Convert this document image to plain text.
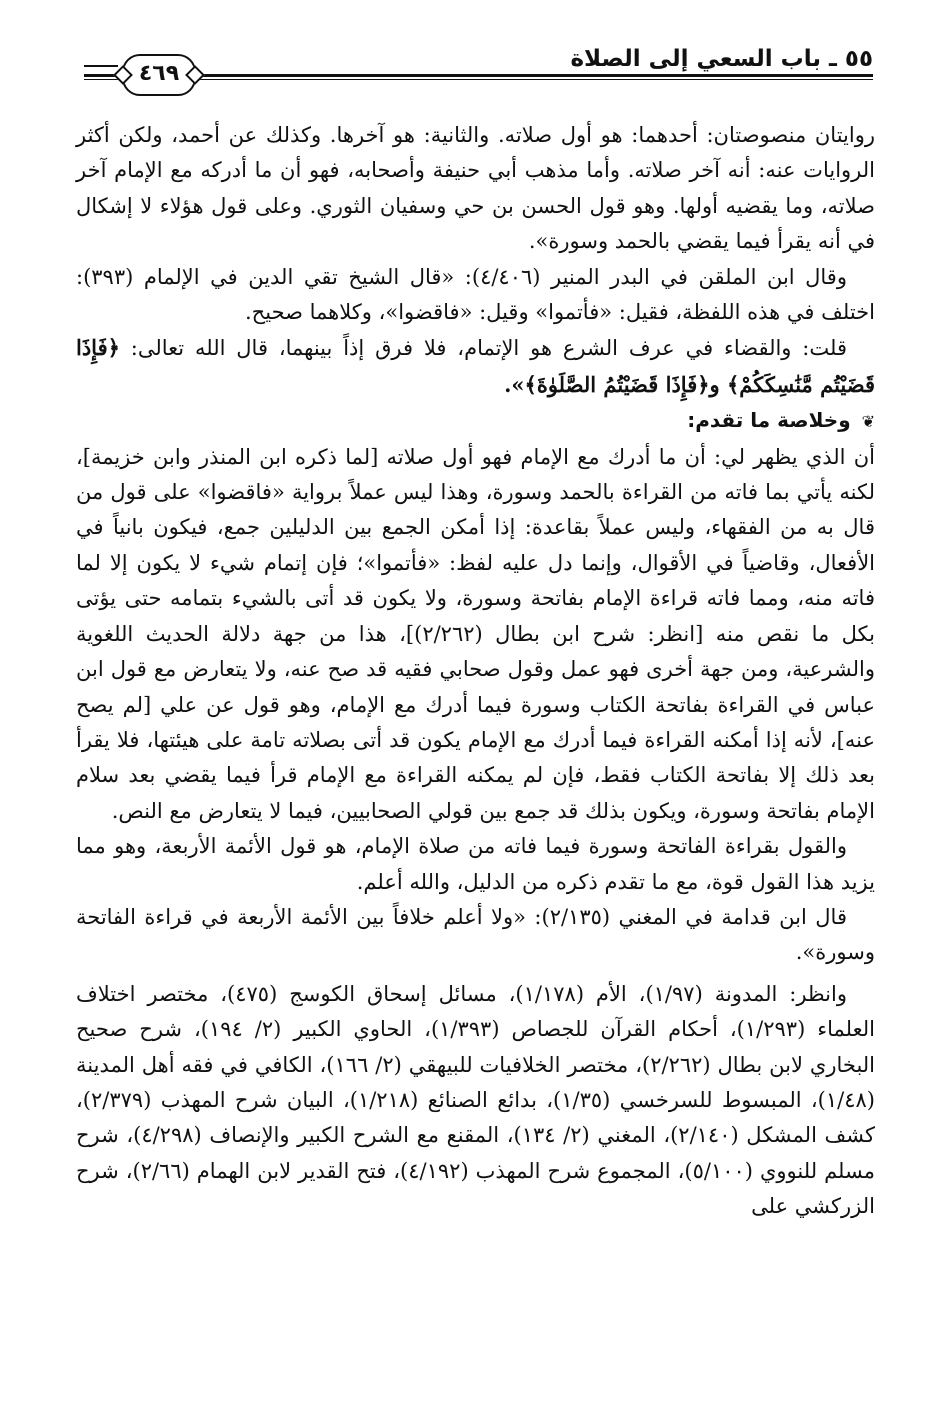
٥٥ ـ باب السعي إلى الصلاة
٤٦٩

روايتان منصوصتان: أحدهما: هو أول صلاته. والثانية: هو آخرها. وكذلك عن أحمد، ولكن أكثر الروايات عنه: أنه آخر صلاته. وأما مذهب أبي حنيفة وأصحابه، فهو أن ما أدركه مع الإمام آخر صلاته، وما يقضيه أولها. وهو قول الحسن بن حي وسفيان الثوري. وعلى قول هؤلاء لا إشكال في أنه يقرأ فيما يقضي بالحمد وسورة».

وقال ابن الملقن في البدر المنير (٤/٤٠٦): «قال الشيخ تقي الدين في الإلمام (٣٩٣): اختلف في هذه اللفظة، فقيل: «فأتموا» وقيل: «فاقضوا»، وكلاهما صحيح.

قلت: والقضاء في عرف الشرع هو الإتمام، فلا فرق إذاً بينهما، قال الله تعالى: ﴿فَإِذَا قَضَيْتُم مَّنَٰسِكَكُمْ﴾ و﴿فَإِذَا قَضَيْتُمُ الصَّلَوٰةَ﴾».

❦ وخلاصة ما تقدم:

أن الذي يظهر لي: أن ما أدرك مع الإمام فهو أول صلاته [لما ذكره ابن المنذر وابن خزيمة]، لكنه يأتي بما فاته من القراءة بالحمد وسورة، وهذا ليس عملاً برواية «فاقضوا» على قول من قال به من الفقهاء، وليس عملاً بقاعدة: إذا أمكن الجمع بين الدليلين جمع، فيكون بانياً في الأفعال، وقاضياً في الأقوال، وإنما دل عليه لفظ: «فأتموا»؛ فإن إتمام شيء لا يكون إلا لما فاته منه، ومما فاته قراءة الإمام بفاتحة وسورة، ولا يكون قد أتى بالشيء بتمامه حتى يؤتى بكل ما نقص منه [انظر: شرح ابن بطال (٢/٢٦٢)]، هذا من جهة دلالة الحديث اللغوية والشرعية، ومن جهة أخرى فهو عمل وقول صحابي فقيه قد صح عنه، ولا يتعارض مع قول ابن عباس في القراءة بفاتحة الكتاب وسورة فيما أدرك مع الإمام، وهو قول عن علي [لم يصح عنه]، لأنه إذا أمكنه القراءة فيما أدرك مع الإمام يكون قد أتى بصلاته تامة على هيئتها، فلا يقرأ بعد ذلك إلا بفاتحة الكتاب فقط، فإن لم يمكنه القراءة مع الإمام قرأ فيما يقضي بعد سلام الإمام بفاتحة وسورة، ويكون بذلك قد جمع بين قولي الصحابيين، فيما لا يتعارض مع النص.

والقول بقراءة الفاتحة وسورة فيما فاته من صلاة الإمام، هو قول الأئمة الأربعة، وهو مما يزيد هذا القول قوة، مع ما تقدم ذكره من الدليل، والله أعلم.

قال ابن قدامة في المغني (٢/١٣٥): «ولا أعلم خلافاً بين الأئمة الأربعة في قراءة الفاتحة وسورة».

وانظر: المدونة (١/٩٧)، الأم (١/١٧٨)، مسائل إسحاق الكوسج (٤٧٥)، مختصر اختلاف العلماء (١/٢٩٣)، أحكام القرآن للجصاص (١/٣٩٣)، الحاوي الكبير (٢/ ١٩٤)، شرح صحيح البخاري لابن بطال (٢/٢٦٢)، مختصر الخلافيات للبيهقي (٢/ ١٦٦)، الكافي في فقه أهل المدينة (١/٤٨)، المبسوط للسرخسي (١/٣٥)، بدائع الصنائع (١/٢١٨)، البيان شرح المهذب (٢/٣٧٩)، كشف المشكل (٢/١٤٠)، المغني (٢/ ١٣٤)، المقنع مع الشرح الكبير والإنصاف (٤/٢٩٨)، شرح مسلم للنووي (٥/١٠٠)، المجموع شرح المهذب (٤/١٩٢)، فتح القدير لابن الهمام (٢/٦٦)، شرح الزركشي على
